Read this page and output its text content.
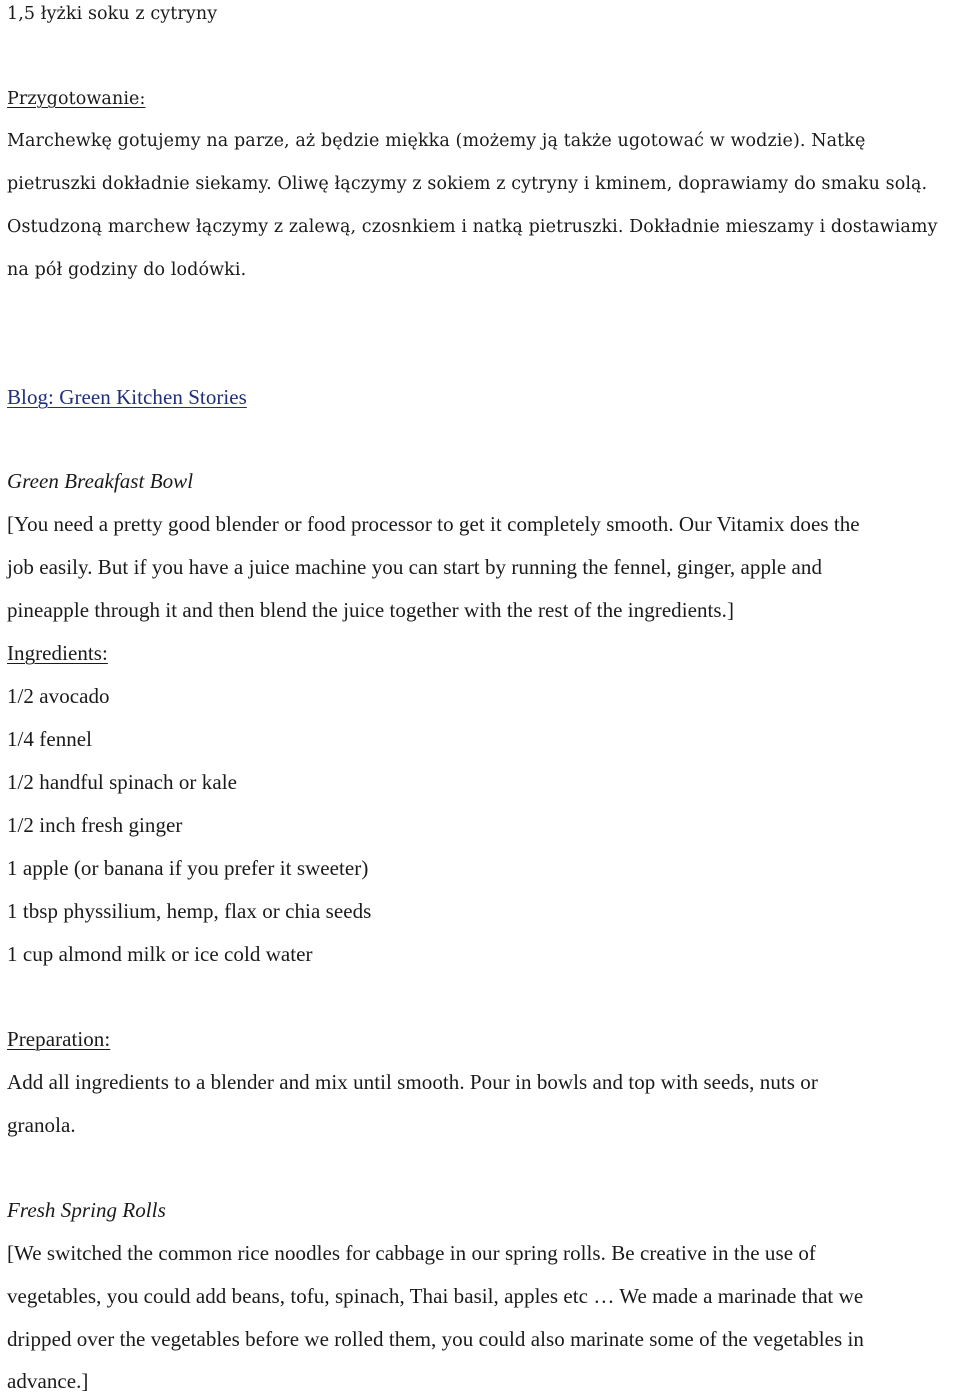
1,5 łyżki soku z cytryny
Przygotowanie:
Marchewkę gotujemy na parze, aż będzie miękka (możemy ją także ugotować w wodzie). Natkę
pietruszki dokładnie siekamy. Oliwę łączymy z sokiem z cytryny i kminem, doprawiamy do smaku solą.
Ostudzoną marchew łączymy z zalewą, czosnkiem i natką pietruszki. Dokładnie mieszamy i dostawiamy
na pół godziny do lodówki.
Blog: Green Kitchen Stories
Green Breakfast Bowl
[You need a pretty good blender or food processor to get it completely smooth. Our Vitamix does the
job easily. But if you have a juice machine you can start by running the fennel, ginger, apple and
pineapple through it and then blend the juice together with the rest of the ingredients.]
Ingredients:
1/2 avocado
1/4 fennel
1/2 handful spinach or kale
1/2 inch fresh ginger
1 apple (or banana if you prefer it sweeter)
1 tbsp physsilium, hemp, flax or chia seeds
1 cup almond milk or ice cold water
Preparation:
Add all ingredients to a blender and mix until smooth. Pour in bowls and top with seeds, nuts or
granola.
Fresh Spring Rolls
[We switched the common rice noodles for cabbage in our spring rolls. Be creative in the use of
vegetables, you could add beans, tofu, spinach, Thai basil, apples etc … We made a marinade that we
dripped over the vegetables before we rolled them, you could also marinate some of the vegetables in
advance.]
